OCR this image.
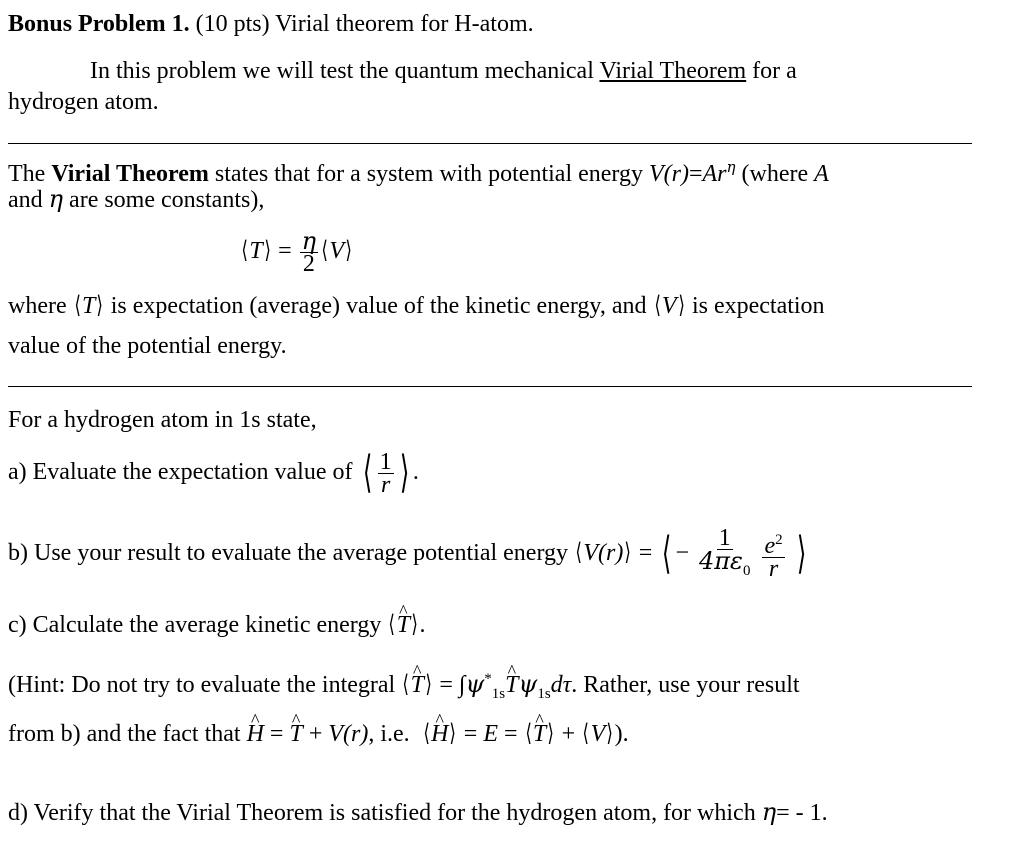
Bonus Problem 1. (10 pts) Virial theorem for H-atom.
In this problem we will test the quantum mechanical Virial Theorem for a
hydrogen atom.
The Virial Theorem states that for a system with potential energy $V(r)=Ar^\eta$ (where A
and η are some constants),
⟨T⟩ = $\frac{\eta}{2}$ ⟨V⟩
where ⟨T⟩ is expectation (average) value of the kinetic energy, and ⟨V⟩ is expectation
value of the potential energy.
For a hydrogen atom in 1s state,
a) Evaluate the expectation value of ⟨ $\frac{1}{r}$ ⟩ .
b) Use your result to evaluate the average potential energy ⟨V(r)⟩ = ⟨ − $\frac{1}{4\pi\varepsilon_0}$
$\frac{e^2}{r}$ ⟩
c) Calculate the average kinetic energy ⟨^ T⟩.
(Hint: Do not try to evaluate the integral ⟨^ T⟩ = $\int\psi^*_{1s}\^{}$ $T\psi_{1s}d\tau$. Rather, use your result
from b) and the fact that ^ H = ^ T + V(r), i.e. ⟨^ H⟩ = E = ⟨^ T⟩ + ⟨V⟩).
d) Verify that the Virial Theorem is satisfied for the hydrogen atom, for which η= - 1.
